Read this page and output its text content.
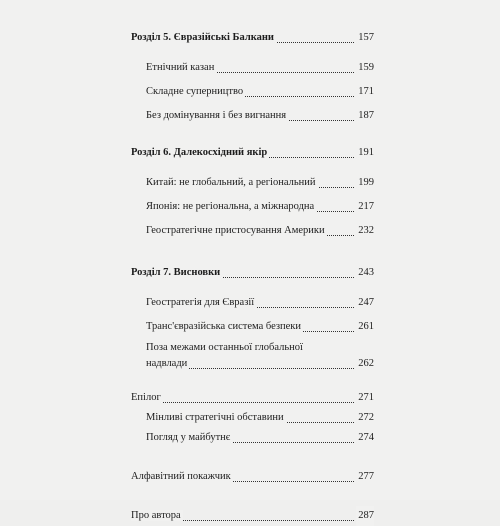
Розділ 5. Євразійські Балкани	157
Етнічний казан	159
Складне суперництво	171
Без домінування і без вигнання	187
Розділ 6. Далекосхідний якір	191
Китай: не глобальний, а регіональний	199
Японія: не регіональна, а міжнародна	217
Геостратегічне пристосування Америки	232
Розділ 7. Висновки	243
Геостратегія для Євразії	247
Транс'євразійська система безпеки	261
Поза межами останньої глобальної
надвлади	262
Епілог	271
Мінливі стратегічні обставини	272
Погляд у майбутнє	274
Алфавітний покажчик	277
Про автора	287
